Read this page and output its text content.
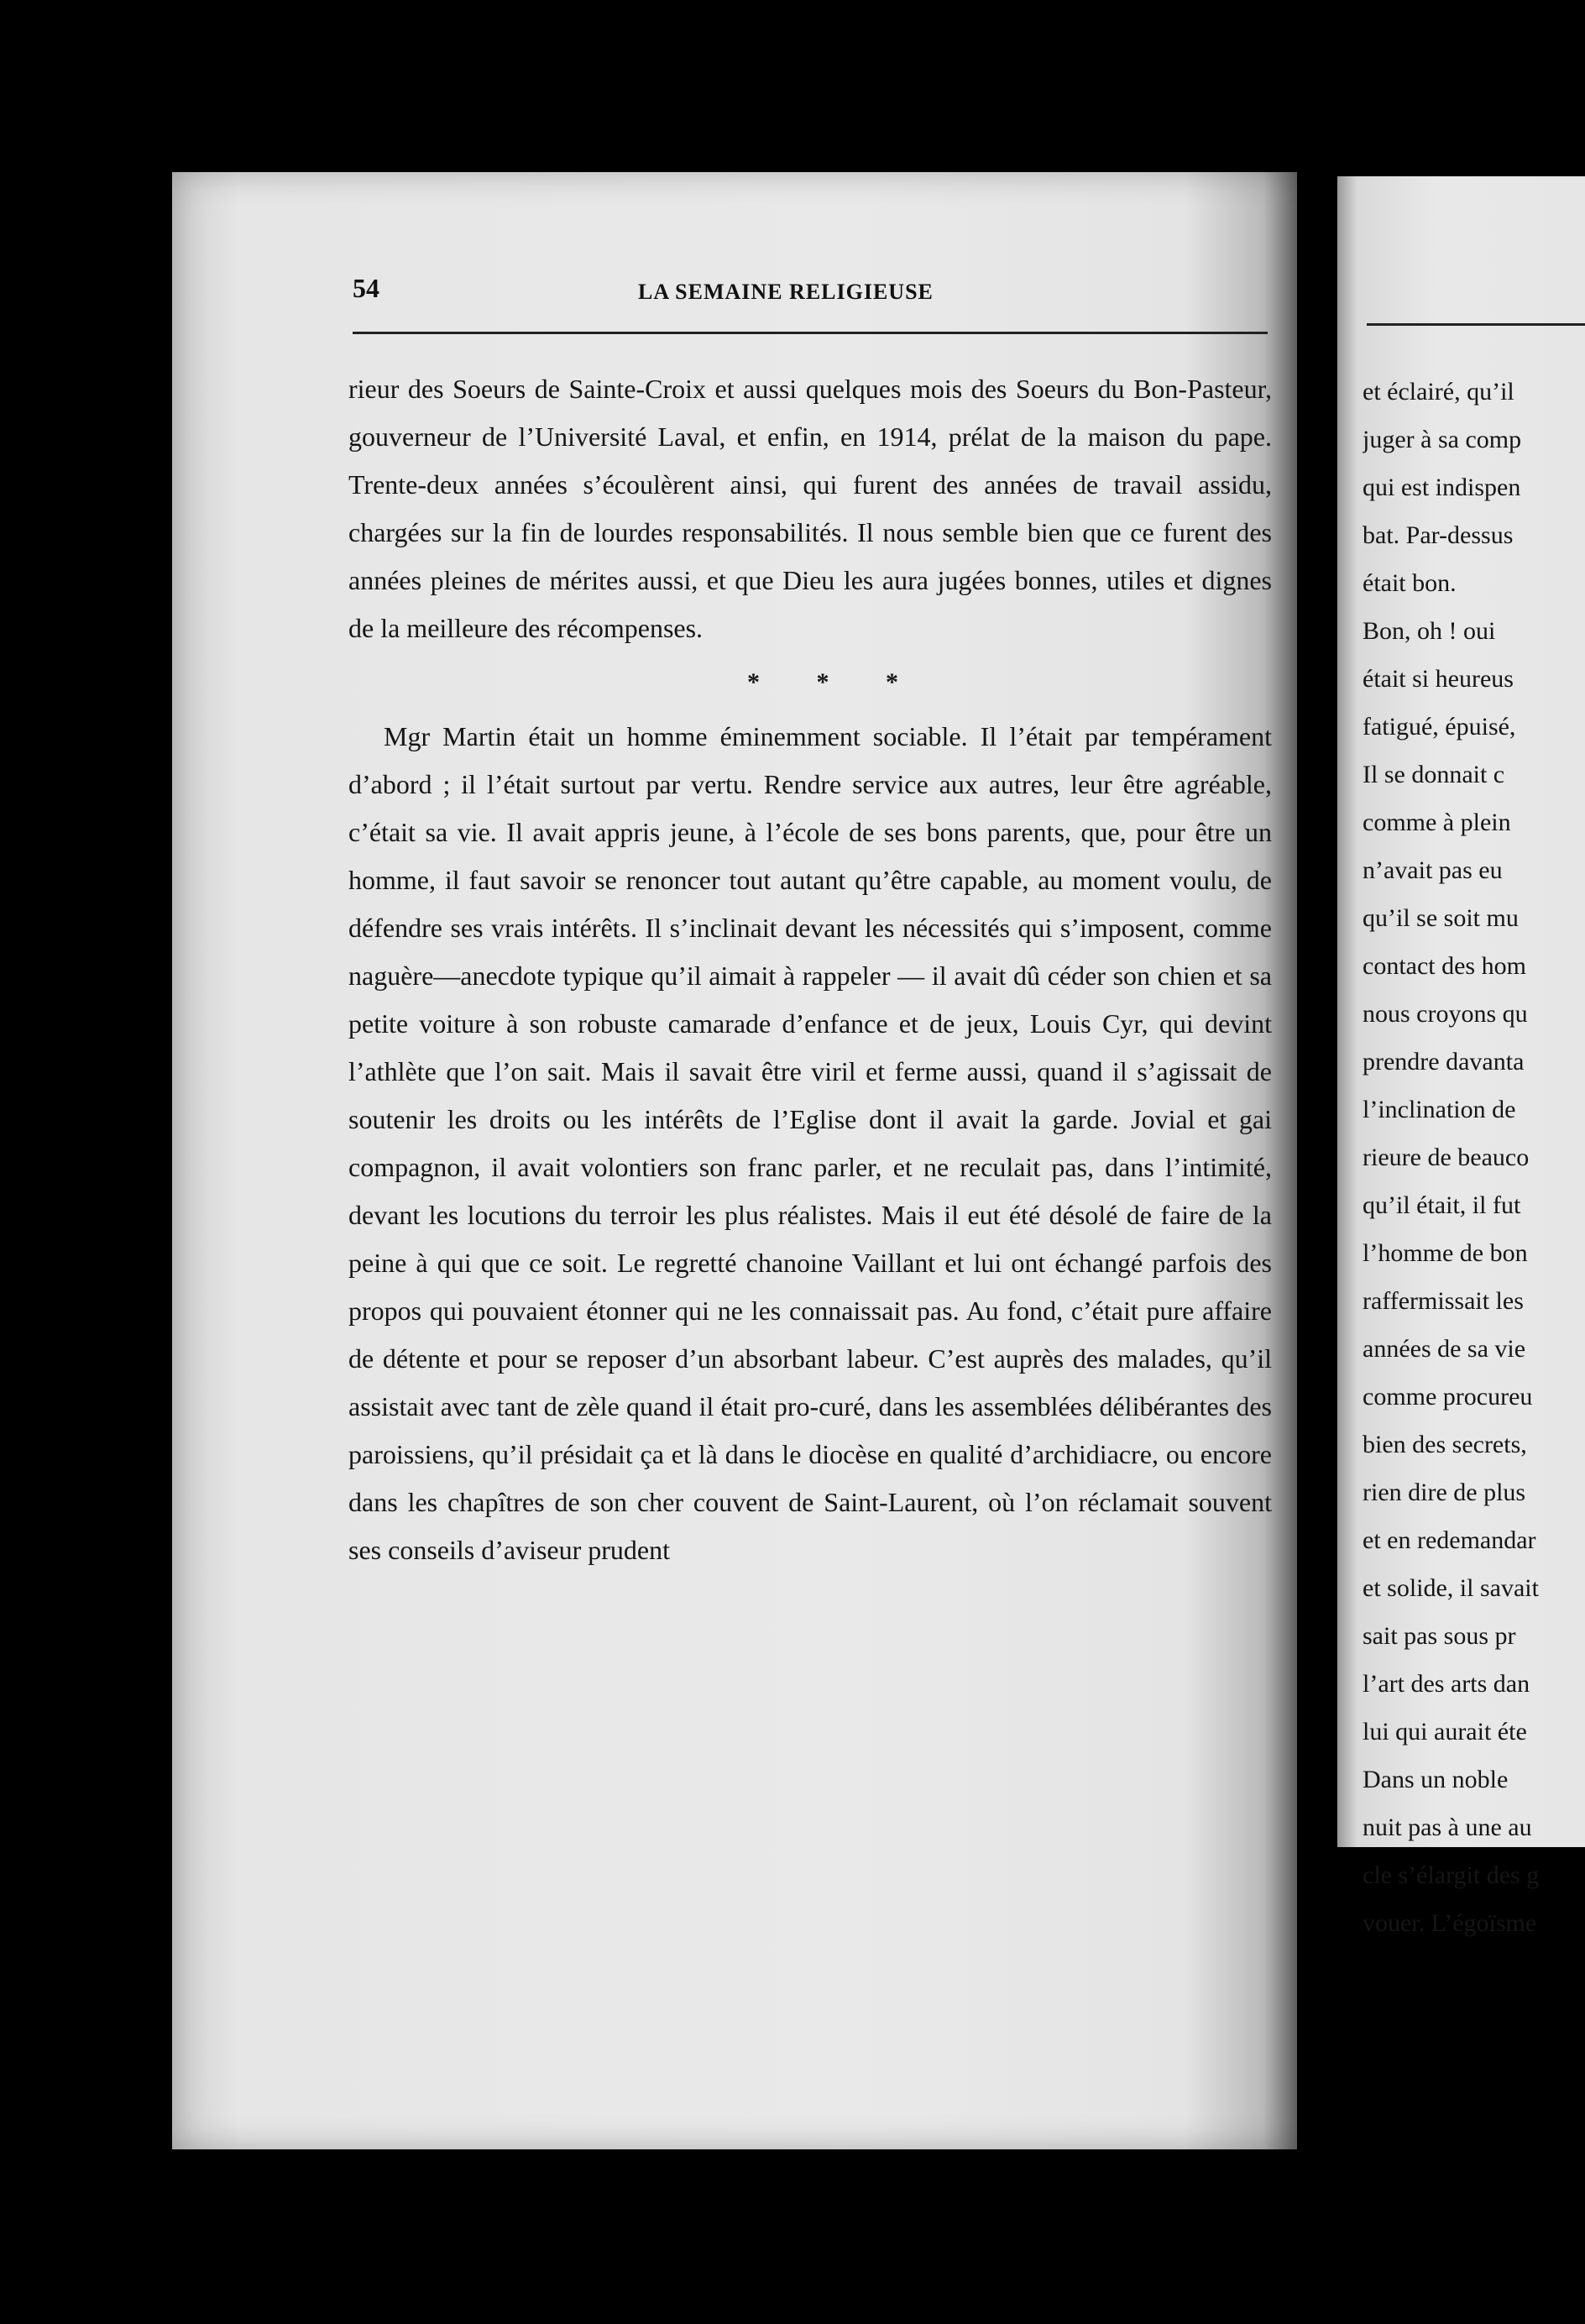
54	LA SEMAINE RELIGIEUSE

rieur des Soeurs de Sainte-Croix et aussi quelques mois des Soeurs du Bon-Pasteur, gouverneur de l’Université Laval, et enfin, en 1914, prélat de la maison du pape. Trente-deux années s’écoulèrent ainsi, qui furent des années de travail assidu, chargées sur la fin de lourdes responsabilités. Il nous semble bien que ce furent des années pleines de mérites aussi, et que Dieu les aura jugées bonnes, utiles et dignes de la meilleure des récompenses.

* * *

Mgr Martin était un homme éminemment sociable. Il l’était par tempérament d’abord ; il l’était surtout par vertu. Rendre service aux autres, leur être agréable, c’était sa vie. Il avait appris jeune, à l’école de ses bons parents, que, pour être un homme, il faut savoir se renoncer tout autant qu’être capable, au moment voulu, de défendre ses vrais intérêts. Il s’inclinait devant les nécessités qui s’imposent, comme naguère—anecdote typique qu’il aimait à rappeler — il avait dû céder son chien et sa petite voiture à son robuste camarade d’enfance et de jeux, Louis Cyr, qui devint l’athlète que l’on sait. Mais il savait être viril et ferme aussi, quand il s’agissait de soutenir les droits ou les intérêts de l’Eglise dont il avait la garde. Jovial et gai compagnon, il avait volontiers son franc parler, et ne reculait pas, dans l’intimité, devant les locutions du terroir les plus réalistes. Mais il eut été désolé de faire de la peine à qui que ce soit. Le regretté chanoine Vaillant et lui ont échangé parfois des propos qui pouvaient étonner qui ne les connaissait pas. Au fond, c’était pure affaire de détente et pour se reposer d’un absorbant labeur. C’est auprès des malades, qu’il assistait avec tant de zèle quand il était pro-curé, dans les assemblées délibérantes des paroissiens, qu’il présidait ça et là dans le diocèse en qualité d’archidiacre, ou encore dans les chapîtres de son cher couvent de Saint-Laurent, où l’on réclamait souvent ses conseils d’aviseur prudent

et éclairé, qu’il
juger à sa comp
qui est indispen
bat. Par-dessus
était bon.
Bon, oh ! oui
était si heureus
fatigué, épuisé,
Il se donnait c
comme à plein
n’avait pas eu
qu’il se soit mu
contact des hom
nous croyons qu
prendre davanta
l’inclination de
rieure de beauco
qu’il était, il fut
l’homme de bon
raffermissait les
années de sa vie
comme procureu
bien des secrets,
rien dire de plus
et en redemandar
et solide, il savait
sait pas sous pr
l’art des arts dan
lui qui aurait éte
Dans un noble
nuit pas à une au
cle s’élargit des g
vouer. L’égoïsme
